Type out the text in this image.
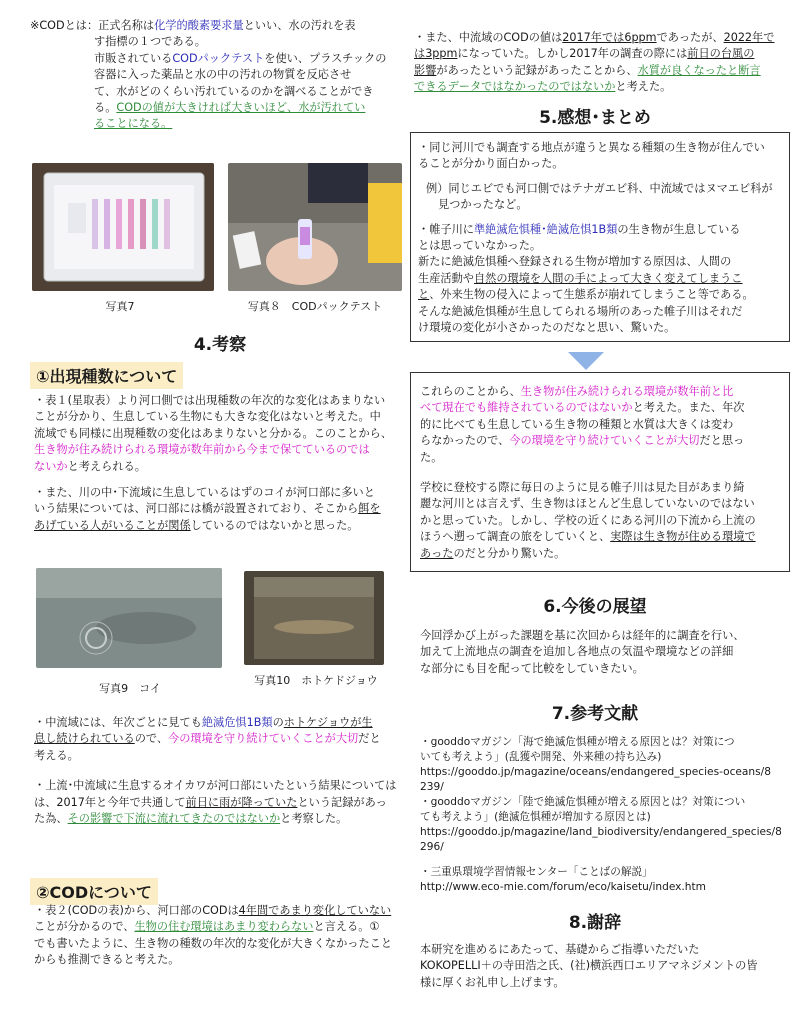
※CODとは：正式名称は化学的酸素要求量といい、水の汚れを表
す指標の１つである。
市販されているCODパックテストを使い、プラスチックの
容器に入った薬品と水の中の汚れの物質を反応させ
て、水がどのくらい汚れているのかを調べることができ
る。CODの値が大きければ大きいほど、水が汚れてい
ることになる。
写真7	写真８　CODパックテスト
4.考察
①出現種数について
・表１(星取表）より河口側では出現種数の年次的な変化はあまりない
ことが分かり、生息している生物にも大きな変化はないと考えた。中
流域でも同様に出現種数の変化はあまりないと分かる。このことから、
生き物が住み続けられる環境が数年前から今まで保てているのでは
ないかと考えられる。
・また、川の中･下流域に生息しているはずのコイが河口部に多いと
いう結果については、河口部には橋が設置されており、そこから餌を
あげている人がいることが関係しているのではないかと思った。
写真9　コイ
写真10　ホトケドジョウ
・中流域には、年次ごとに見ても絶滅危惧1B類のホトケジョウが生
息し続けられているので、今の環境を守り続けていくことが大切だと
考える。
・上流･中流域に生息するオイカワが河口部にいたという結果については
は、2017年と今年で共通して前日に雨が降っていたという記録があっ
た為、その影響で下流に流れてきたのではないかと考察した。
②CODについて
・表２(CODの表)から、河口部のCODは4年間であまり変化していない
ことが分かるので、生物の住む環境はあまり変わらないと言える。①
でも書いたように、生き物の種数の年次的な変化が大きくなかったこと
からも推測できると考えた。
・また、中流域のCODの値は2017年では6ppmであったが、2022年で
は3ppmになっていた。しかし2017年の調査の際には前日の台風の
影響があったという記録があったことから、水質が良くなったと断言
できるデータではなかったのではないかと考えた。
5.感想･まとめ
・同じ河川でも調査する地点が違うと異なる種類の生き物が住んでい
ることが分かり面白かった。
例）同じエビでも河口側ではテナガエビ科、中流域ではヌマエビ科が
見つかったなど。
・帷子川に準絶滅危惧種･絶滅危惧1B類の生き物が生息している
とは思っていなかった。
新たに絶滅危惧種へ登録される生物が増加する原因は、人間の
生産活動や自然の環境を人間の手によって大きく変えてしまうこ
と、外来生物の侵入によって生態系が崩れてしまうこと等である。
そんな絶滅危惧種が生息してられる場所のあった帷子川はそれだ
け環境の変化が小さかったのだなと思い、驚いた。
これらのことから、生き物が住み続けられる環境が数年前と比
べて現在でも維持されているのではないかと考えた。また、年次
的に比べても生息している生き物の種類と水質は大きくは変わ
らなかったので、今の環境を守り続けていくことが大切だと思っ
た。
学校に登校する際に毎日のように見る帷子川は見た目があまり綺
麗な河川とは言えず、生き物はほとんど生息していないのではない
かと思っていた。しかし、学校の近くにある河川の下流から上流の
ほうへ遡って調査の旅をしていくと、実際は生き物が住める環境で
あったのだと分かり驚いた。
6.今後の展望
今回浮かび上がった課題を基に次回からは経年的に調査を行い、
加えて上流地点の調査を追加し各地点の気温や環境などの詳細
な部分にも目を配って比較をしていきたい。
7.参考文献
・gooddoマガジン「海で絶滅危惧種が増える原因とは？対策につ
いても考えよう」(乱獲や開発、外来種の持ち込み)
https://gooddo.jp/magazine/oceans/endangered_species-oceans/8
239/
・gooddoマガジン「陸で絶滅危惧種が増える原因とは？対策につい
ても考えよう」(絶滅危惧種が増加する原因とは)
https://gooddo.jp/magazine/land_biodiversity/endangered_species/8
296/
・三重県環境学習情報センター「ことばの解説」
http://www.eco-mie.com/forum/eco/kaisetu/index.htm
8.謝辞
本研究を進めるにあたって、基礎からご指導いただいた
KOKOPELLI＋の寺田浩之氏、(社)横浜西口エリアマネジメントの皆
様に厚くお礼申し上げます。
